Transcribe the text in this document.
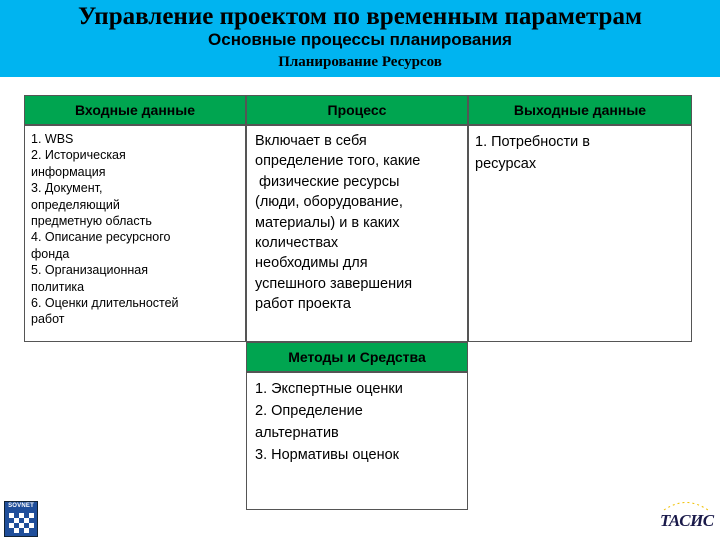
Управление проектом по временным параметрам
Основные процессы планирования
Планирование Ресурсов
Входные данные	Процесс	Выходные данные
1. WBS
2. Историческая
информация
3. Документ,
определяющий
предметную область
4. Описание ресурсного
фонда
5. Организационная
политика
6. Оценки длительностей
работ
Включает в себя
определение того, какие
физические ресурсы
(люди, оборудование,
материалы) и в каких
количествах
необходимы для
успешного завершения
работ проекта
1. Потребности в
ресурсах
Методы и Средства
1. Экспертные оценки
2. Определение
альтернатив
3. Нормативы оценок
SOVNET
ТАСИС
